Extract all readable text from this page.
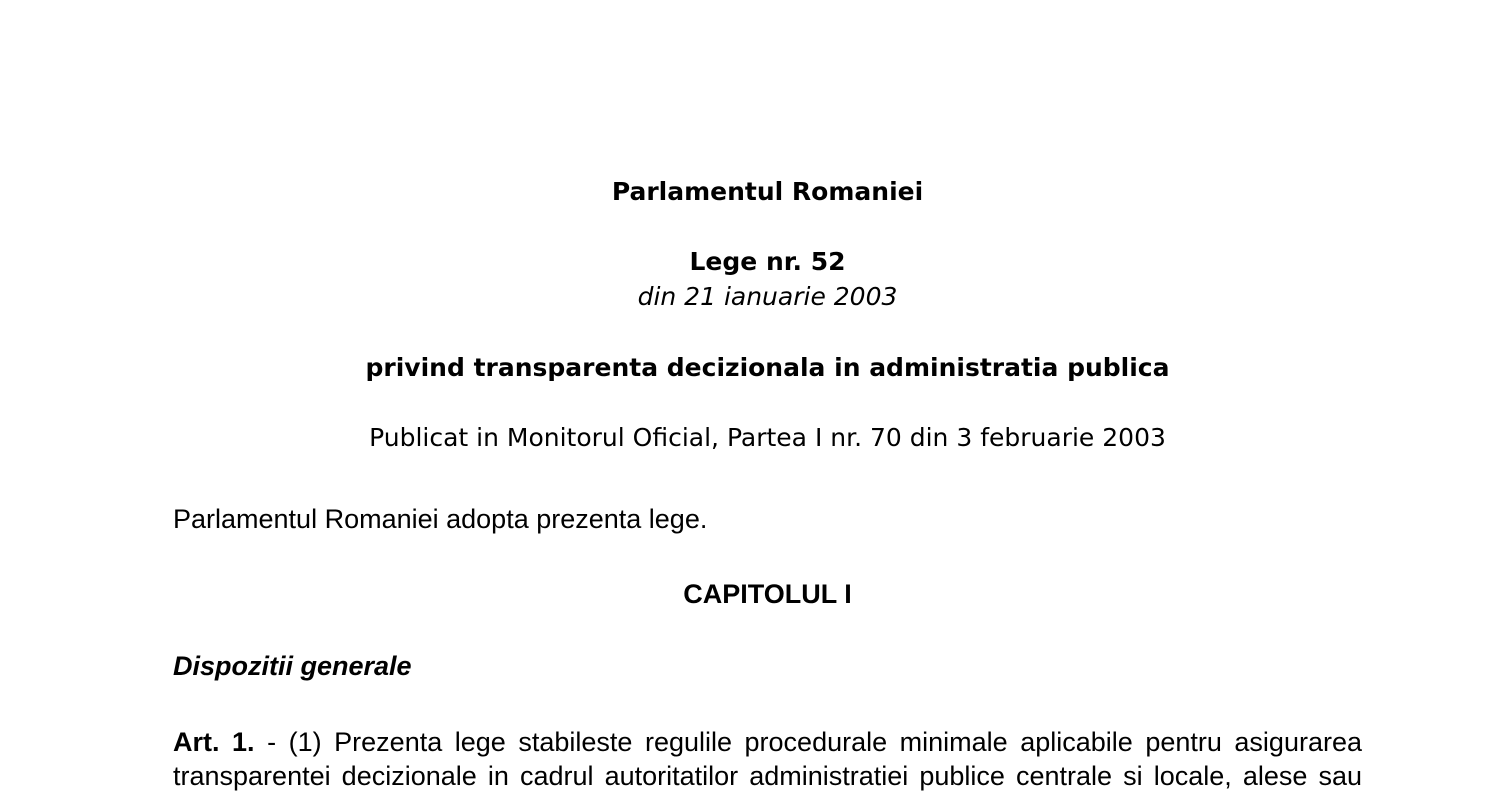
Parlamentul Romaniei
Lege nr. 52
din 21 ianuarie 2003
privind transparenta decizionala in administratia publica
Publicat in Monitorul Oficial, Partea I nr. 70 din 3 februarie 2003
Parlamentul Romaniei adopta prezenta lege.
CAPITOLUL I
Dispozitii generale
Art. 1. - (1) Prezenta lege stabileste regulile procedurale minimale aplicabile pentru asigurarea
transparentei decizionale in cadrul autoritatilor administratiei publice centrale si locale, alese sau
